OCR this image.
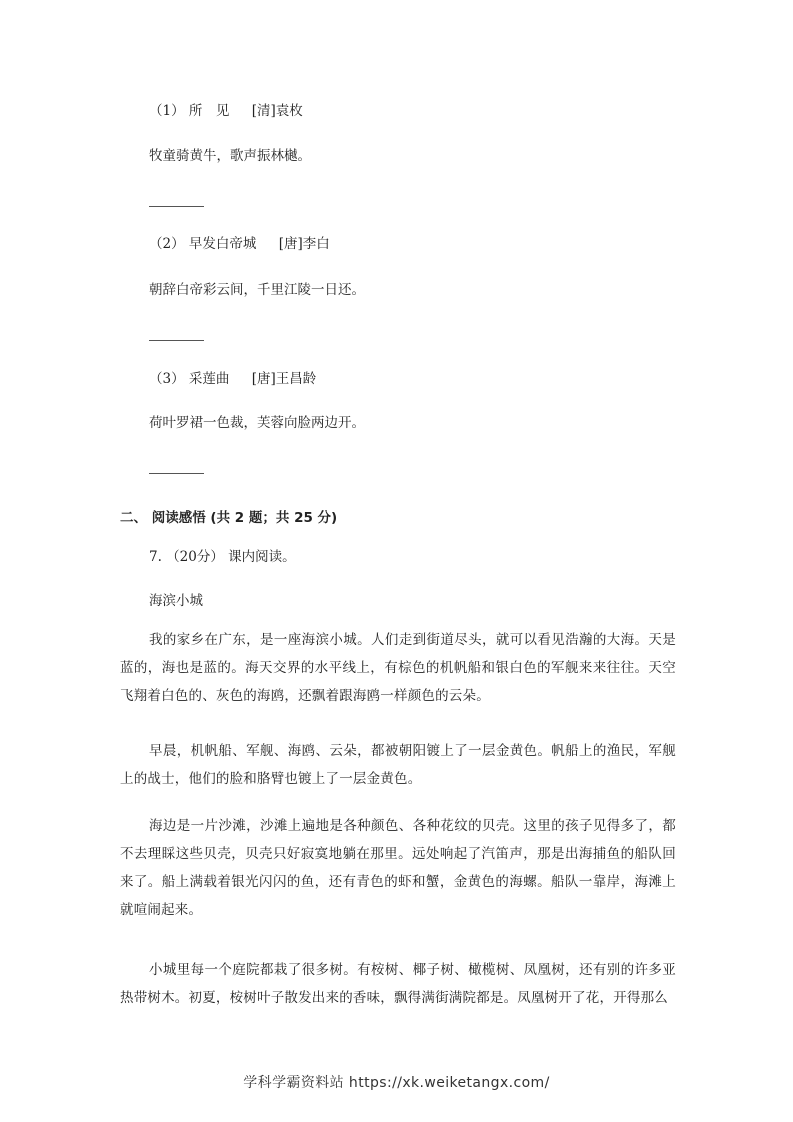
（1） 所　见 [清]袁枚
牧童骑黄牛，歌声振林樾。
（2） 早发白帝城 [唐]李白
朝辞白帝彩云间，千里江陵一日还。
（3） 采莲曲 [唐]王昌龄
荷叶罗裙一色裁，芙蓉向脸两边开。
二、 阅读感悟 (共 2 题；共 25 分)
7. （20分） 课内阅读。
海滨小城
我的家乡在广东，是一座海滨小城。人们走到街道尽头，就可以看见浩瀚的大海。天是蓝的，海也是蓝的。海天交界的水平线上，有棕色的机帆船和银白色的军舰来来往往。天空飞翔着白色的、灰色的海鸥，还飘着跟海鸥一样颜色的云朵。
早晨，机帆船、军舰、海鸥、云朵，都被朝阳镀上了一层金黄色。帆船上的渔民，军舰上的战士，他们的脸和胳臂也镀上了一层金黄色。
海边是一片沙滩，沙滩上遍地是各种颜色、各种花纹的贝壳。这里的孩子见得多了，都不去理睬这些贝壳，贝壳只好寂寞地躺在那里。远处响起了汽笛声，那是出海捕鱼的船队回来了。船上满载着银光闪闪的鱼，还有青色的虾和蟹，金黄色的海螺。船队一靠岸，海滩上就喧闹起来。
小城里每一个庭院都栽了很多树。有桉树、椰子树、橄榄树、凤凰树，还有别的许多亚热带树木。初夏，桉树叶子散发出来的香味，飘得满街满院都是。凤凰树开了花，开得那么
学科学霸资料站 https://xk.weiketangx.com/
